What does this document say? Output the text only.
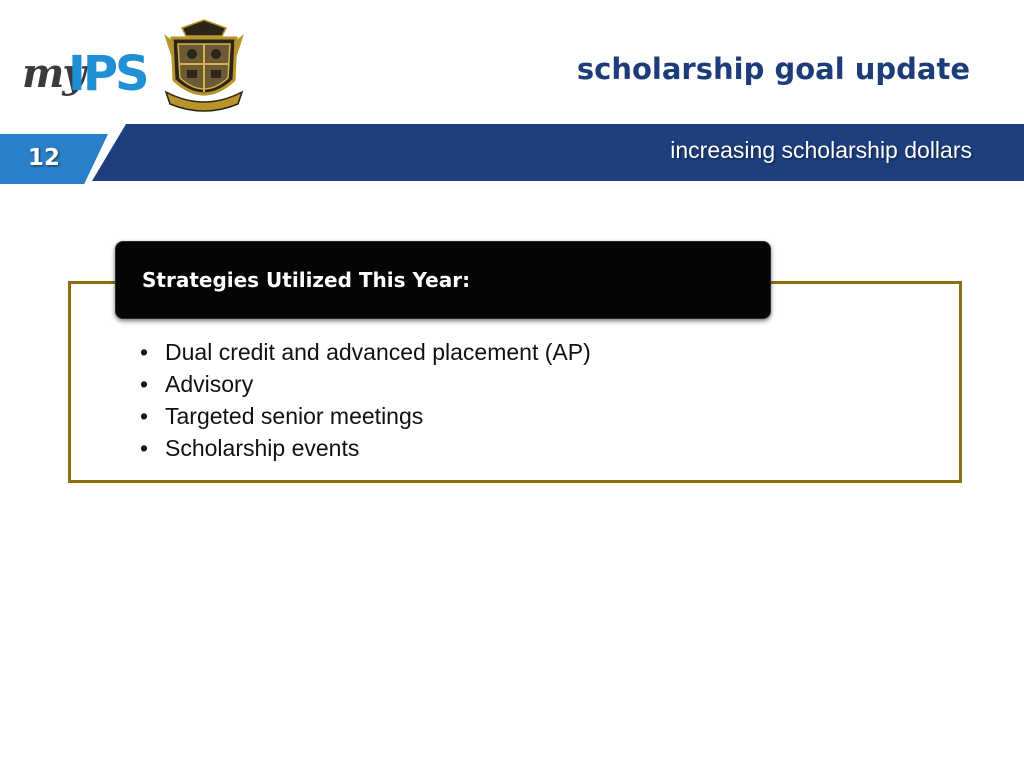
my
IPS	scholarship goal update
increasing scholarship dollars
12
Strategies Utilized This Year:
• Dual credit and advanced placement (AP)
• Advisory
• Targeted senior meetings
• Scholarship events
